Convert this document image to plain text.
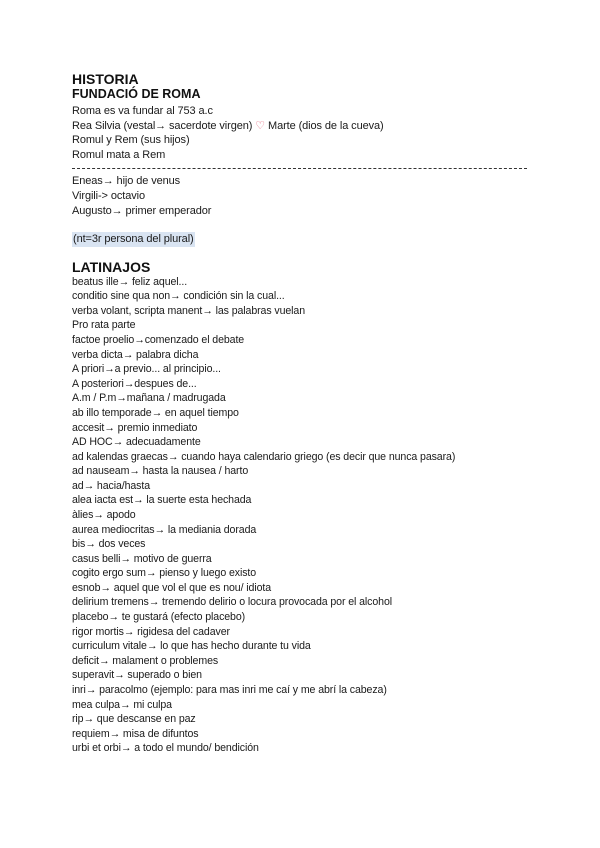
HISTORIA
FUNDACIÓ DE ROMA
Roma es va fundar al 753 a.c
Rea Silvia (vestal→ sacerdote virgen) ♡ Marte (dios de la cueva)
Romul y Rem (sus hijos)
Romul mata a Rem
Eneas→ hijo de venus
Virgili-> octavio
Augusto→ primer emperador
(nt=3r persona del plural)
LATINAJOS
beatus ille→ feliz aquel...
conditio sine qua non→ condición sin la cual...
verba volant, scripta manent→ las palabras vuelan
Pro rata parte
factoe proelio→comenzado el debate
verba dicta→ palabra dicha
A priori→a previo... al principio...
A posteriori→despues de...
A.m / P.m→mañana / madrugada
ab illo temporade→ en aquel tiempo
accesit→ premio inmediato
AD HOC→ adecuadamente
ad kalendas graecas→ cuando haya calendario griego (es decir que nunca pasara)
ad nauseam→ hasta la nausea / harto
ad→ hacia/hasta
alea iacta est→ la suerte esta hechada
àlies→ apodo
aurea mediocritas→ la mediania dorada
bis→ dos veces
casus belli→ motivo de guerra
cogito ergo sum→ pienso y luego existo
esnob→ aquel que vol el que es nou/ idiota
delirium tremens→ tremendo delirio o locura provocada por el alcohol
placebo→ te gustará (efecto placebo)
rigor mortis→ rigidesa del cadaver
curriculum vitale→ lo que has hecho durante tu vida
deficit→ malament o problemes
superavit→ superado o bien
inri→ paracolmo (ejemplo: para mas inri me caí y me abrí la cabeza)
mea culpa→ mi culpa
rip→ que descanse en paz
requiem→ misa de difuntos
urbi et orbi→ a todo el mundo/ bendición
